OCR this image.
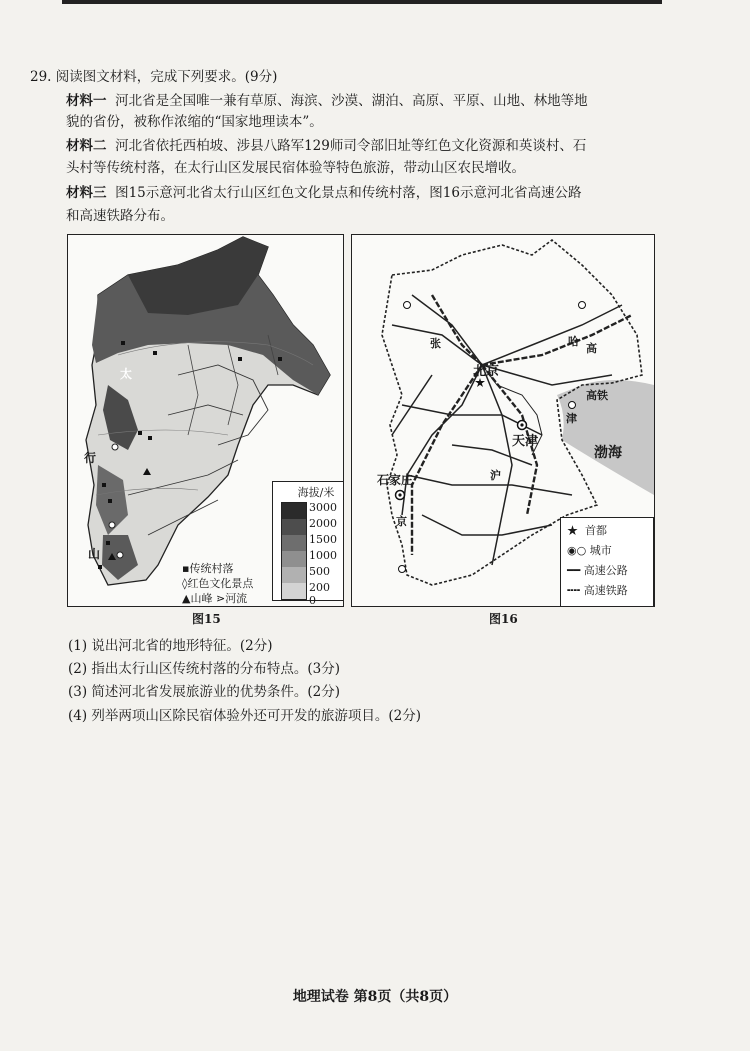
29. 阅读图文材料，完成下列要求。(9分)
材料一 河北省是全国唯一兼有草原、海滨、沙漠、湖泊、高原、平原、山地、林地等地
貌的省份，被称作浓缩的“国家地理读本”。
材料二 河北省依托西柏坡、涉县八路军129师司令部旧址等红色文化资源和英谈村、石
头村等传统村落，在太行山区发展民宿体验等特色旅游，带动山区农民增收。
材料三 图15示意河北省太行山区红色文化景点和传统村落，图16示意河北省高速公路
和高速铁路分布。
太
行
山
海拔/米
3000
2000
1500
1000
500
200
0
▪传统村落
◊红色文化景点
▲山峰 ⋗河流
图15
北京
天津
石家庄
渤海
张	哈
高
高铁
津
沪
京
★  首都
◉○ 城市
━━ 高速公路
╍╍ 高速铁路
图16
(1) 说出河北省的地形特征。(2分)
(2) 指出太行山区传统村落的分布特点。(3分)
(3) 简述河北省发展旅游业的优势条件。(2分)
(4) 列举两项山区除民宿体验外还可开发的旅游项目。(2分)
地理试卷 第8页（共8页）
